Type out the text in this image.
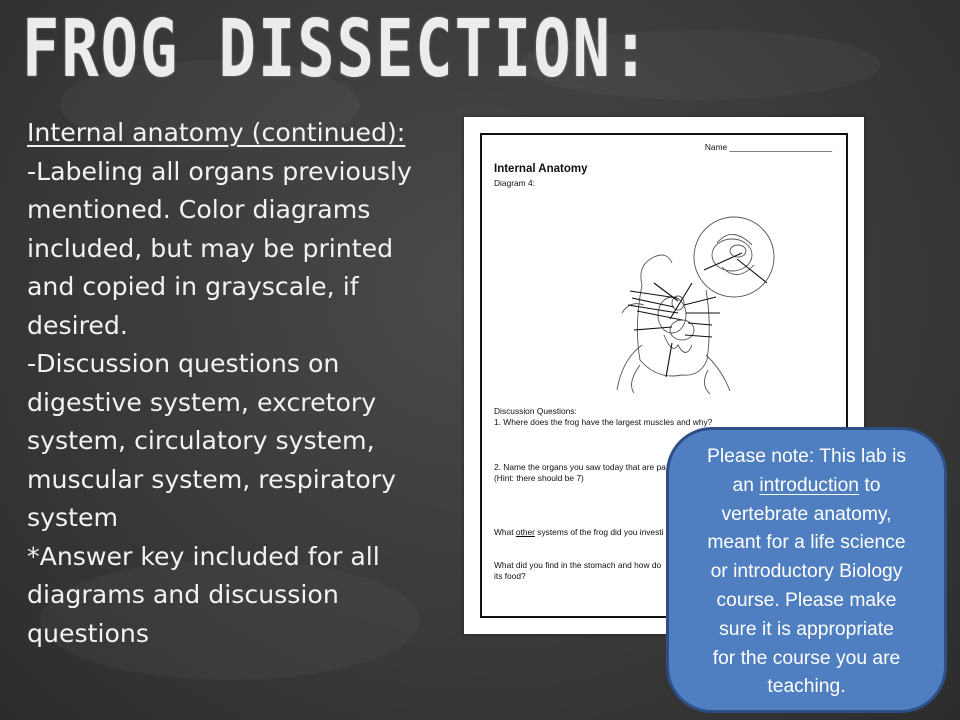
FROG DISSECTION:
Internal anatomy (continued):
-Labeling all organs previously
mentioned. Color diagrams
included, but may be printed
and copied in grayscale, if
desired.
-Discussion questions on
digestive system, excretory
system, circulatory system,
muscular system, respiratory
system
*Answer key included for all
diagrams and discussion
questions
Name ______________________
Internal Anatomy
Diagram 4:
Discussion Questions:
1. Where does the frog have the largest muscles and why?
2. Name the organs you saw today that are pa
(Hint: there should be 7)
What other systems of the frog did you investi
What did you find in the stomach and how do
its food?
Please note: This lab is
an introduction to
vertebrate anatomy,
meant for a life science
or introductory Biology
course. Please make
sure it is appropriate
for the course you are
teaching.
